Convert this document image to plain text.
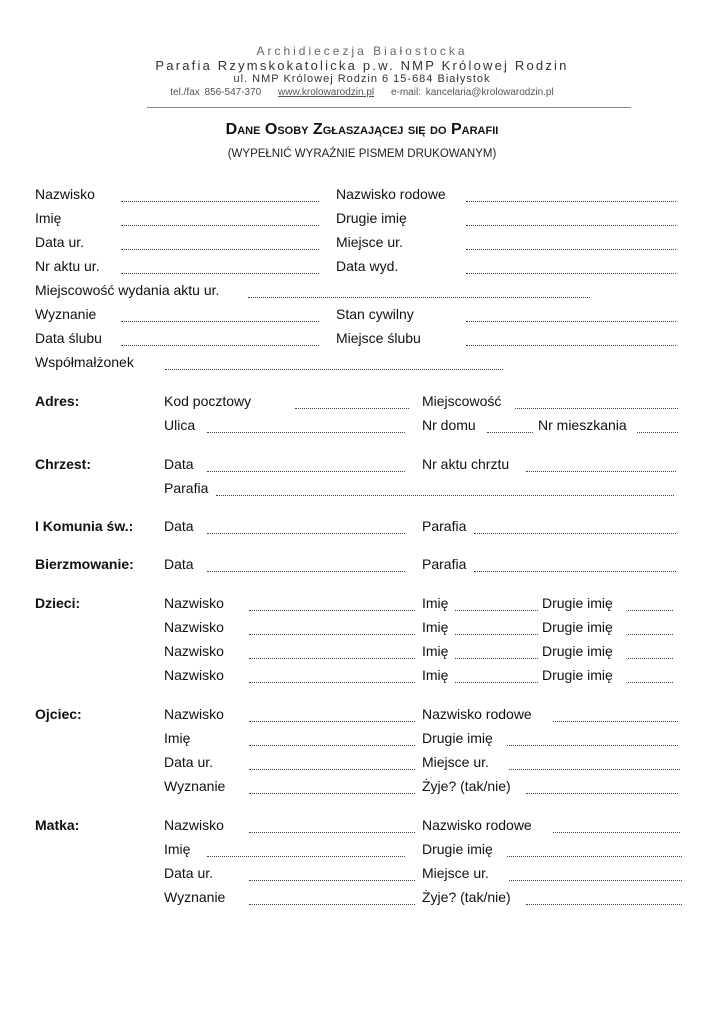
Archidiecezja Białostocka
Parafia Rzymskokatolicka p.w. NMP Królowej Rodzin
ul. NMP Królowej Rodzin 6 15-684 Białystok
tel./fax 856-547-370 www.krolowarodzin.pl e-mail: kancelaria@krolowarodzin.pl
Dane Osoby Zgłaszającej się do Parafii
(WYPEŁNIĆ WYRAŹNIE PISMEM DRUKOWANYM)
Nazwisko	Nazwisko rodowe
Imię	Drugie imię
Data ur.	Miejsce ur.
Nr aktu ur.	Data wyd.
Miejscowość wydania aktu ur.
Wyznanie	Stan cywilny
Data ślubu	Miejsce ślubu
Współmałżonek
Adres:	Kod pocztowy	Miejscowość
Ulica	Nr domu	Nr mieszkania
Chrzest:	Data	Nr aktu chrztu
Parafia
I Komunia św.: Data	Parafia
Bierzmowanie: Data	Parafia
Dzieci:	Nazwisko	Imię	Drugie imię
Nazwisko	Imię	Drugie imię
Nazwisko	Imię	Drugie imię
Nazwisko	Imię	Drugie imię
Ojciec:	Nazwisko	Nazwisko rodowe
Imię	Drugie imię
Data ur.	Miejsce ur.
Wyznanie	Żyje? (tak/nie)
Matka:	Nazwisko	Nazwisko rodowe
Imię	Drugie imię
Data ur.	Miejsce ur.
Wyznanie	Żyje? (tak/nie)
